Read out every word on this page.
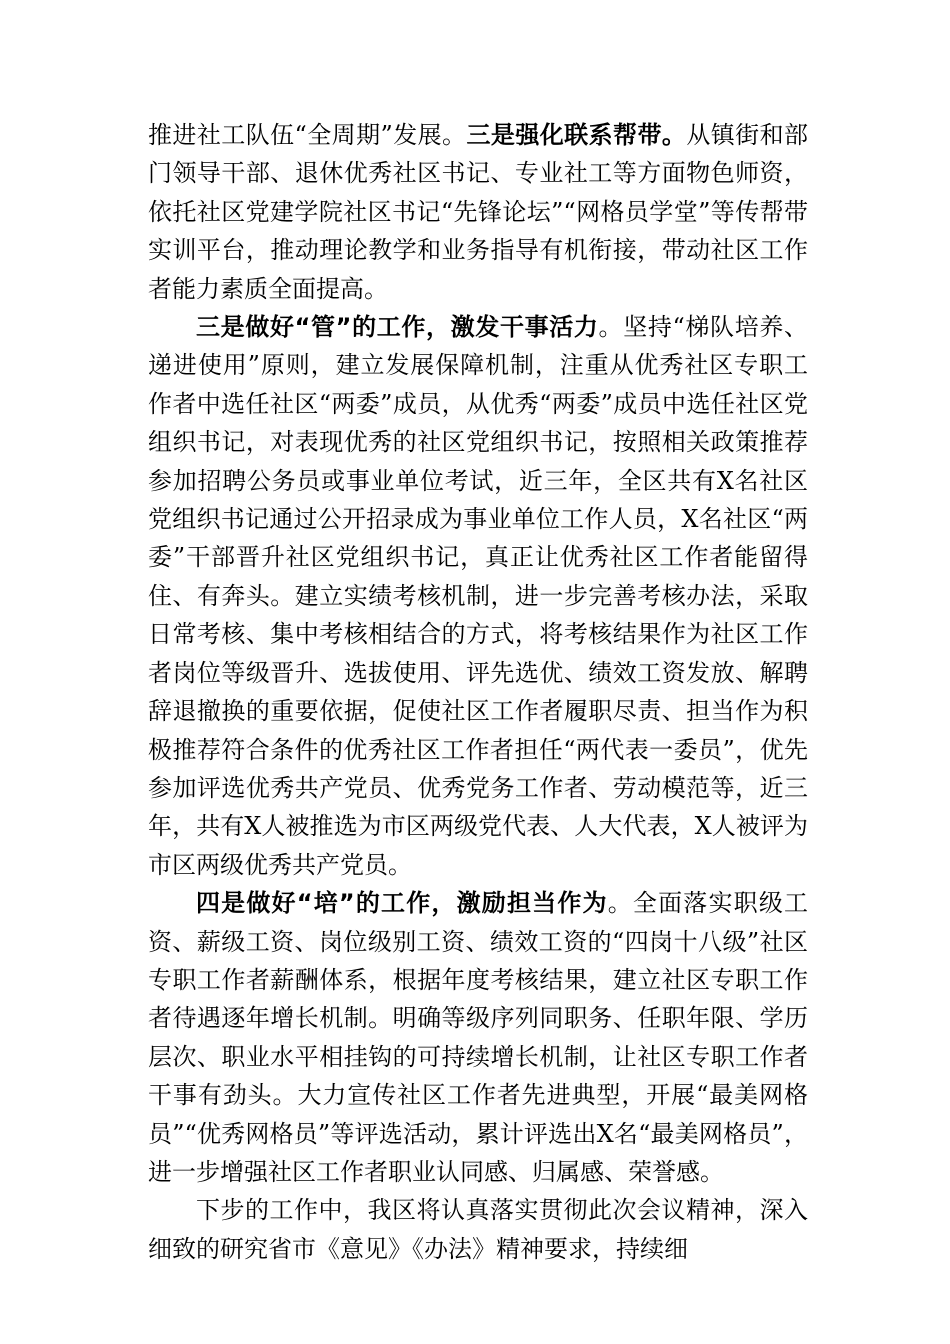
推进社工队伍“全周期”发展。三是强化联系帮带。从镇街和部门领导干部、退休优秀社区书记、专业社工等方面物色师资，依托社区党建学院社区书记“先锋论坛”“网格员学堂”等传帮带实训平台，推动理论教学和业务指导有机衔接，带动社区工作者能力素质全面提高。

三是做好“管”的工作，激发干事活力。坚持“梯队培养、递进使用”原则，建立发展保障机制，注重从优秀社区专职工作者中选任社区“两委”成员，从优秀“两委”成员中选任社区党组织书记，对表现优秀的社区党组织书记，按照相关政策推荐参加招聘公务员或事业单位考试，近三年，全区共有X名社区党组织书记通过公开招录成为事业单位工作人员，X名社区“两委”干部晋升社区党组织书记，真正让优秀社区工作者能留得住、有奔头。建立实绩考核机制，进一步完善考核办法，采取日常考核、集中考核相结合的方式，将考核结果作为社区工作者岗位等级晋升、选拔使用、评先选优、绩效工资发放、解聘辞退撤换的重要依据，促使社区工作者履职尽责、担当作为积极推荐符合条件的优秀社区工作者担任“两代表一委员”，优先参加评选优秀共产党员、优秀党务工作者、劳动模范等，近三年，共有X人被推选为市区两级党代表、人大代表，X人被评为市区两级优秀共产党员。

四是做好“培”的工作，激励担当作为。全面落实职级工资、薪级工资、岗位级别工资、绩效工资的“四岗十八级”社区专职工作者薪酬体系，根据年度考核结果，建立社区专职工作者待遇逐年增长机制。明确等级序列同职务、任职年限、学历层次、职业水平相挂钩的可持续增长机制，让社区专职工作者干事有劲头。大力宣传社区工作者先进典型，开展“最美网格员”“优秀网格员”等评选活动，累计评选出X名“最美网格员”，进一步增强社区工作者职业认同感、归属感、荣誉感。

下步的工作中，我区将认真落实贯彻此次会议精神，深入细致的研究省市《意见》《办法》精神要求，持续细
